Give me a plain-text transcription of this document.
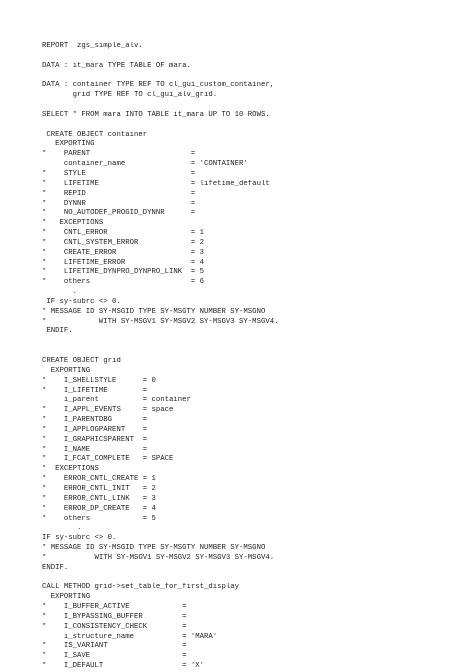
REPORT  zgs_simple_alv.
DATA : it_mara TYPE TABLE OF mara.
DATA : container TYPE REF TO cl_gui_custom_container,
grid TYPE REF TO cl_gui_alv_grid.
SELECT * FROM mara INTO TABLE it_mara UP TO 10 ROWS.
CREATE OBJECT container
EXPORTING
*    PARENT                       =
container_name               = 'CONTAINER'
*    STYLE                        =
*    LIFETIME                     = lifetime_default
*    REPID                        =
*    DYNNR                        =
*    NO_AUTODEF_PROGID_DYNNR      =
*   EXCEPTIONS
*    CNTL_ERROR                   = 1
*    CNTL_SYSTEM_ERROR            = 2
*    CREATE_ERROR                 = 3
*    LIFETIME_ERROR               = 4
*    LIFETIME_DYNPRO_DYNPRO_LINK  = 5
*    others                       = 6
.
IF sy-subrc <> 0.
* MESSAGE ID SY-MSGID TYPE SY-MSGTY NUMBER SY-MSGNO
*            WITH SY-MSGV1 SY-MSGV2 SY-MSGV3 SY-MSGV4.
ENDIF.
CREATE OBJECT grid
EXPORTING
*    I_SHELLSTYLE      = 0
*    I_LIFETIME        =
i_parent          = container
*    I_APPL_EVENTS     = space
*    I_PARENTDBG       =
*    I_APPLOGPARENT    =
*    I_GRAPHICSPARENT  =
*    I_NAME            =
*    I_FCAT_COMPLETE   = SPACE
*  EXCEPTIONS
*    ERROR_CNTL_CREATE = 1
*    ERROR_CNTL_INIT   = 2
*    ERROR_CNTL_LINK   = 3
*    ERROR_DP_CREATE   = 4
*    others            = 5
.
IF sy-subrc <> 0.
* MESSAGE ID SY-MSGID TYPE SY-MSGTY NUMBER SY-MSGNO
*           WITH SY-MSGV1 SY-MSGV2 SY-MSGV3 SY-MSGV4.
ENDIF.
CALL METHOD grid->set_table_for_first_display
EXPORTING
*    I_BUFFER_ACTIVE            =
*    I_BYPASSING_BUFFER         =
*    I_CONSISTENCY_CHECK        =
i_structure_name           = 'MARA'
*    IS_VARIANT                 =
*    I_SAVE                     =
*    I_DEFAULT                  = 'X'
